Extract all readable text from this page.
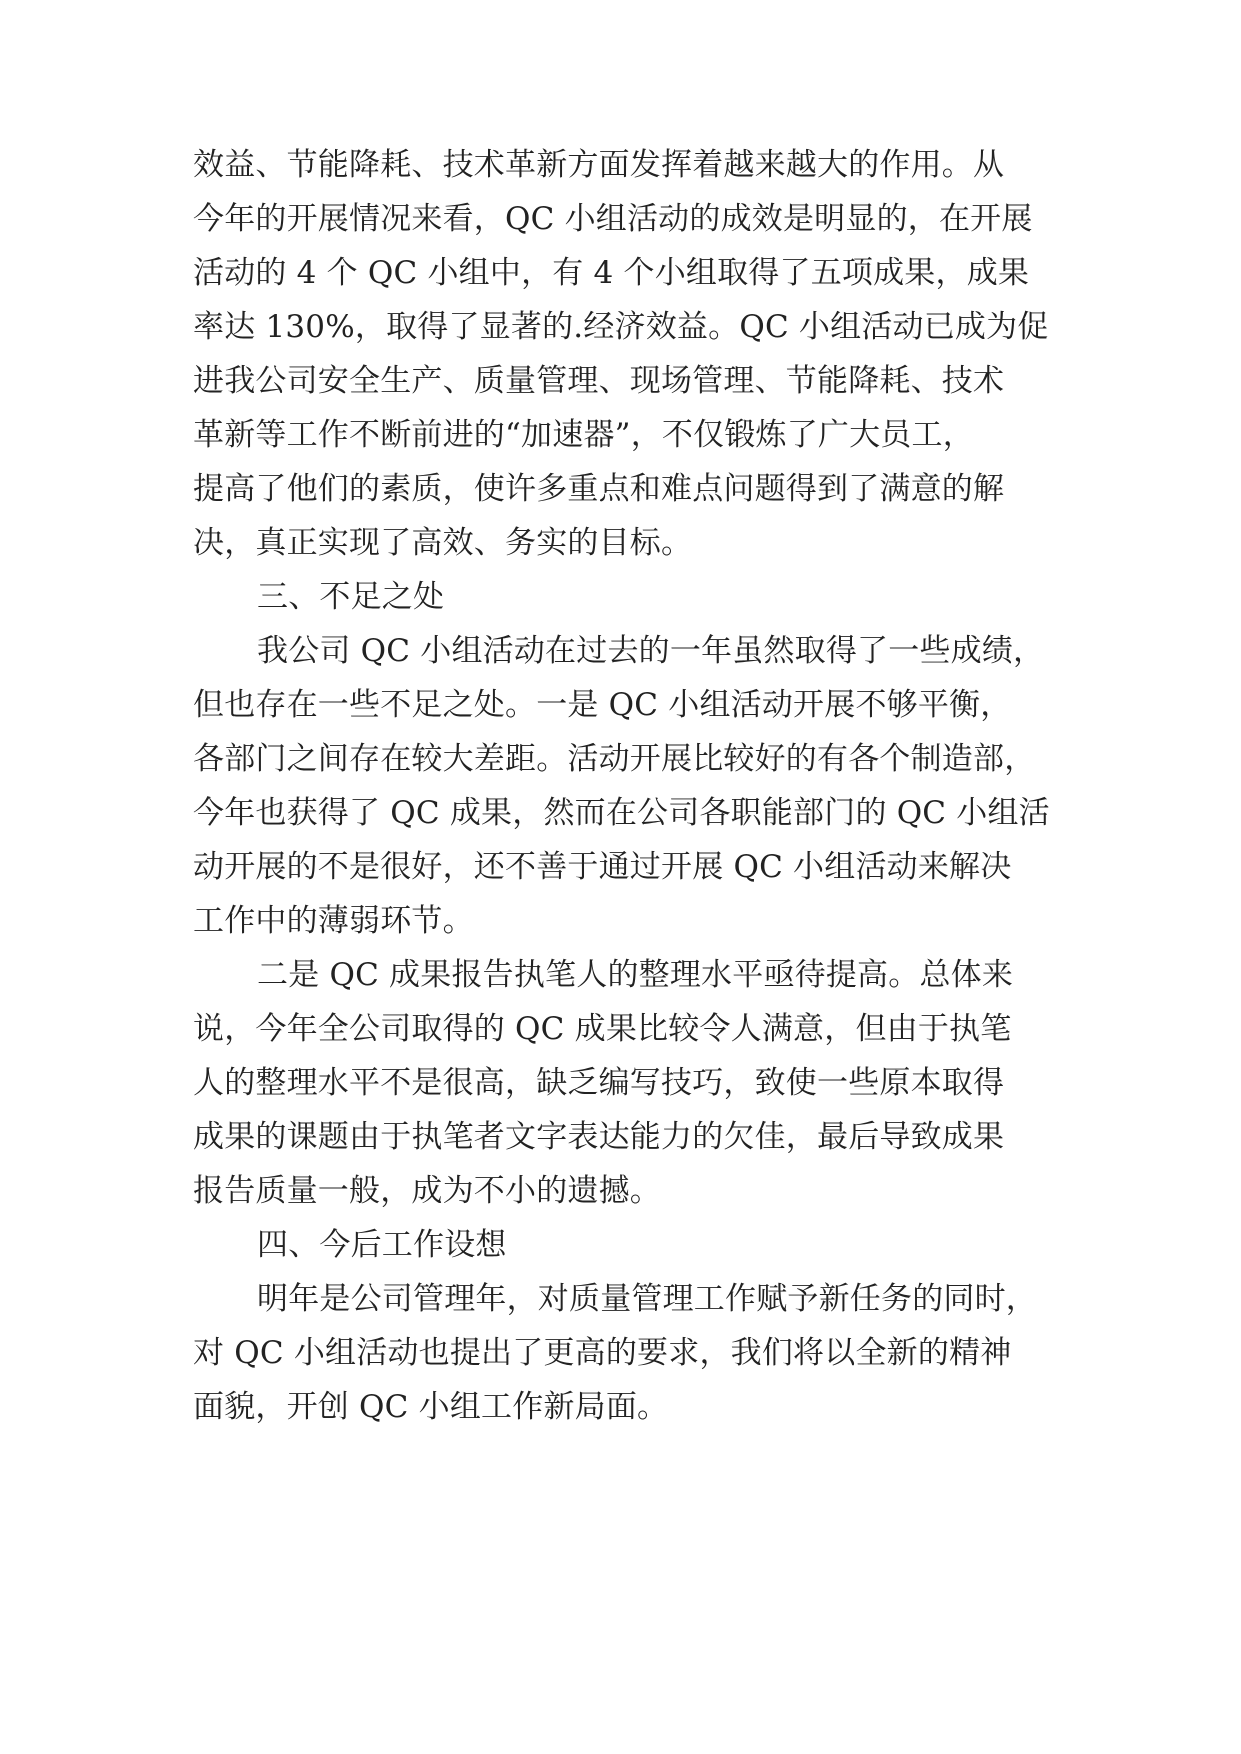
效益、节能降耗、技术革新方面发挥着越来越大的作用。从
今年的开展情况来看，QC 小组活动的成效是明显的，在开展
活动的 4 个 QC 小组中，有 4 个小组取得了五项成果，成果
率达 130%，取得了显著的.经济效益。QC 小组活动已成为促
进我公司安全生产、质量管理、现场管理、节能降耗、技术
革新等工作不断前进的“加速器”，不仅锻炼了广大员工，
提高了他们的素质，使许多重点和难点问题得到了满意的解
决，真正实现了高效、务实的目标。
三、不足之处
我公司 QC 小组活动在过去的一年虽然取得了一些成绩，
但也存在一些不足之处。一是 QC 小组活动开展不够平衡，
各部门之间存在较大差距。活动开展比较好的有各个制造部，
今年也获得了 QC 成果，然而在公司各职能部门的 QC 小组活
动开展的不是很好，还不善于通过开展 QC 小组活动来解决
工作中的薄弱环节。
二是 QC 成果报告执笔人的整理水平亟待提高。总体来
说，今年全公司取得的 QC 成果比较令人满意，但由于执笔
人的整理水平不是很高，缺乏编写技巧，致使一些原本取得
成果的课题由于执笔者文字表达能力的欠佳，最后导致成果
报告质量一般，成为不小的遗撼。
四、今后工作设想
明年是公司管理年，对质量管理工作赋予新任务的同时，
对 QC 小组活动也提出了更高的要求，我们将以全新的精神
面貌，开创 QC 小组工作新局面。
